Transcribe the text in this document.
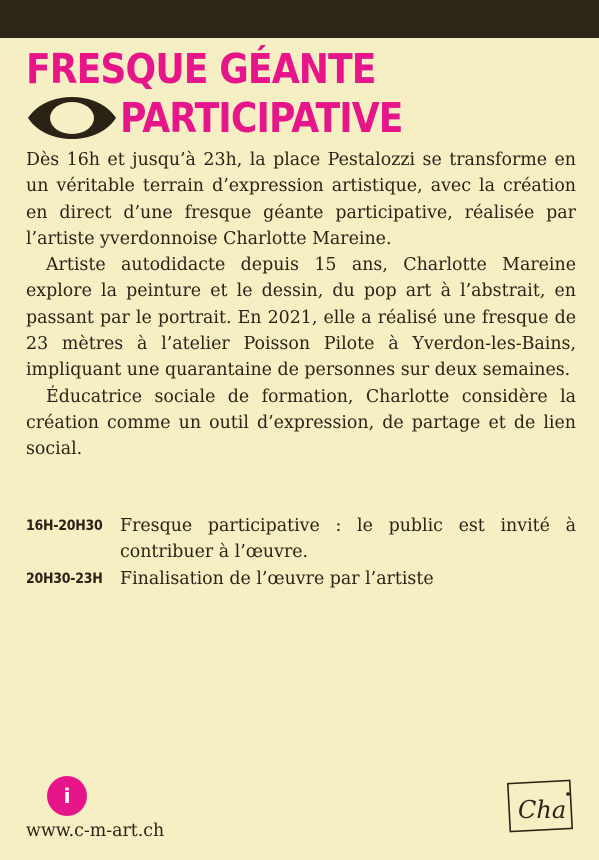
FRESQUE GÉANTE
PARTICIPATIVE

Dès 16h et jusqu’à 23h, la place Pestalozzi se transforme en un véritable terrain d’expression artistique, avec la création en direct d’une fresque géante participative, réalisée par l’artiste yverdonnoise Charlotte Mareine.

Artiste autodidacte depuis 15 ans, Charlotte Mareine explore la peinture et le dessin, du pop art à l’abstrait, en passant par le portrait. En 2021, elle a réalisé une fresque de 23 mètres à l’atelier Poisson Pilote à Yverdon-les-Bains, impliquant une quarantaine de personnes sur deux semaines.

Éducatrice sociale de formation, Charlotte considère la création comme un outil d’expression, de partage et de lien social.

16H-20H30	Fresque participative : le public est invité à contribuer à l’œuvre.
20H30-23H	Finalisation de l’œuvre par l’artiste
i
www.c-m-art.ch
Cha
